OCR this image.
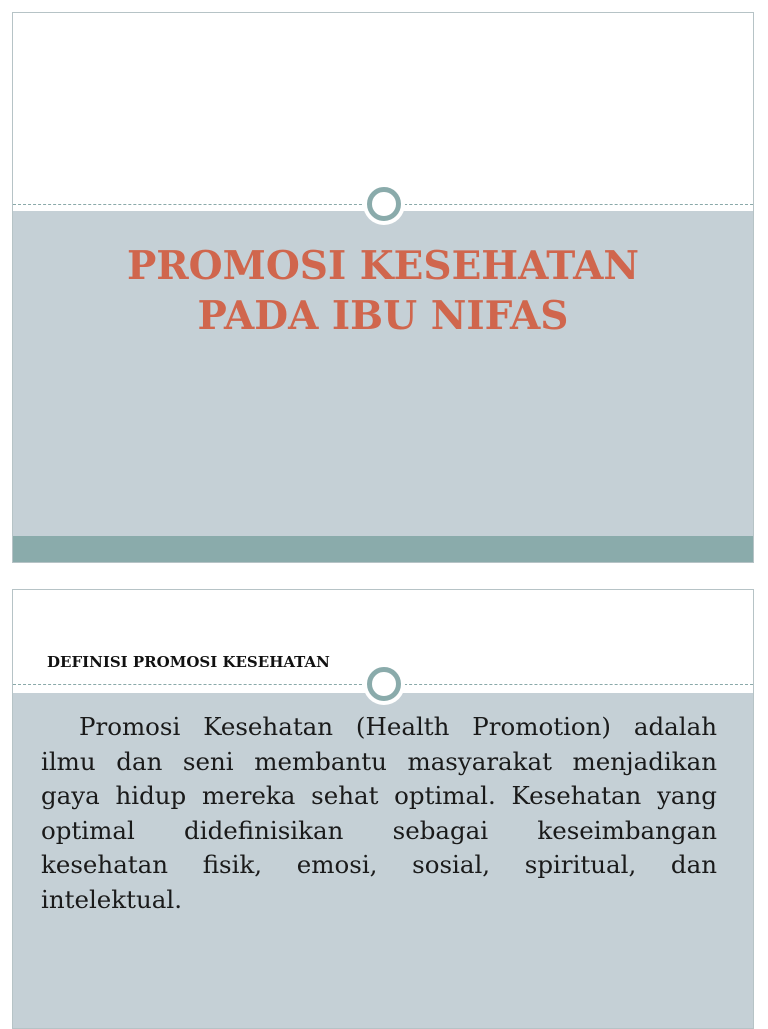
PROMOSI KESEHATAN
PADA IBU NIFAS

DEFINISI PROMOSI KESEHATAN

Promosi Kesehatan (Health Promotion) adalah ilmu dan seni membantu masyarakat menjadikan gaya hidup mereka sehat optimal. Kesehatan yang optimal didefinisikan sebagai keseimbangan kesehatan fisik, emosi, sosial, spiritual, dan intelektual.
